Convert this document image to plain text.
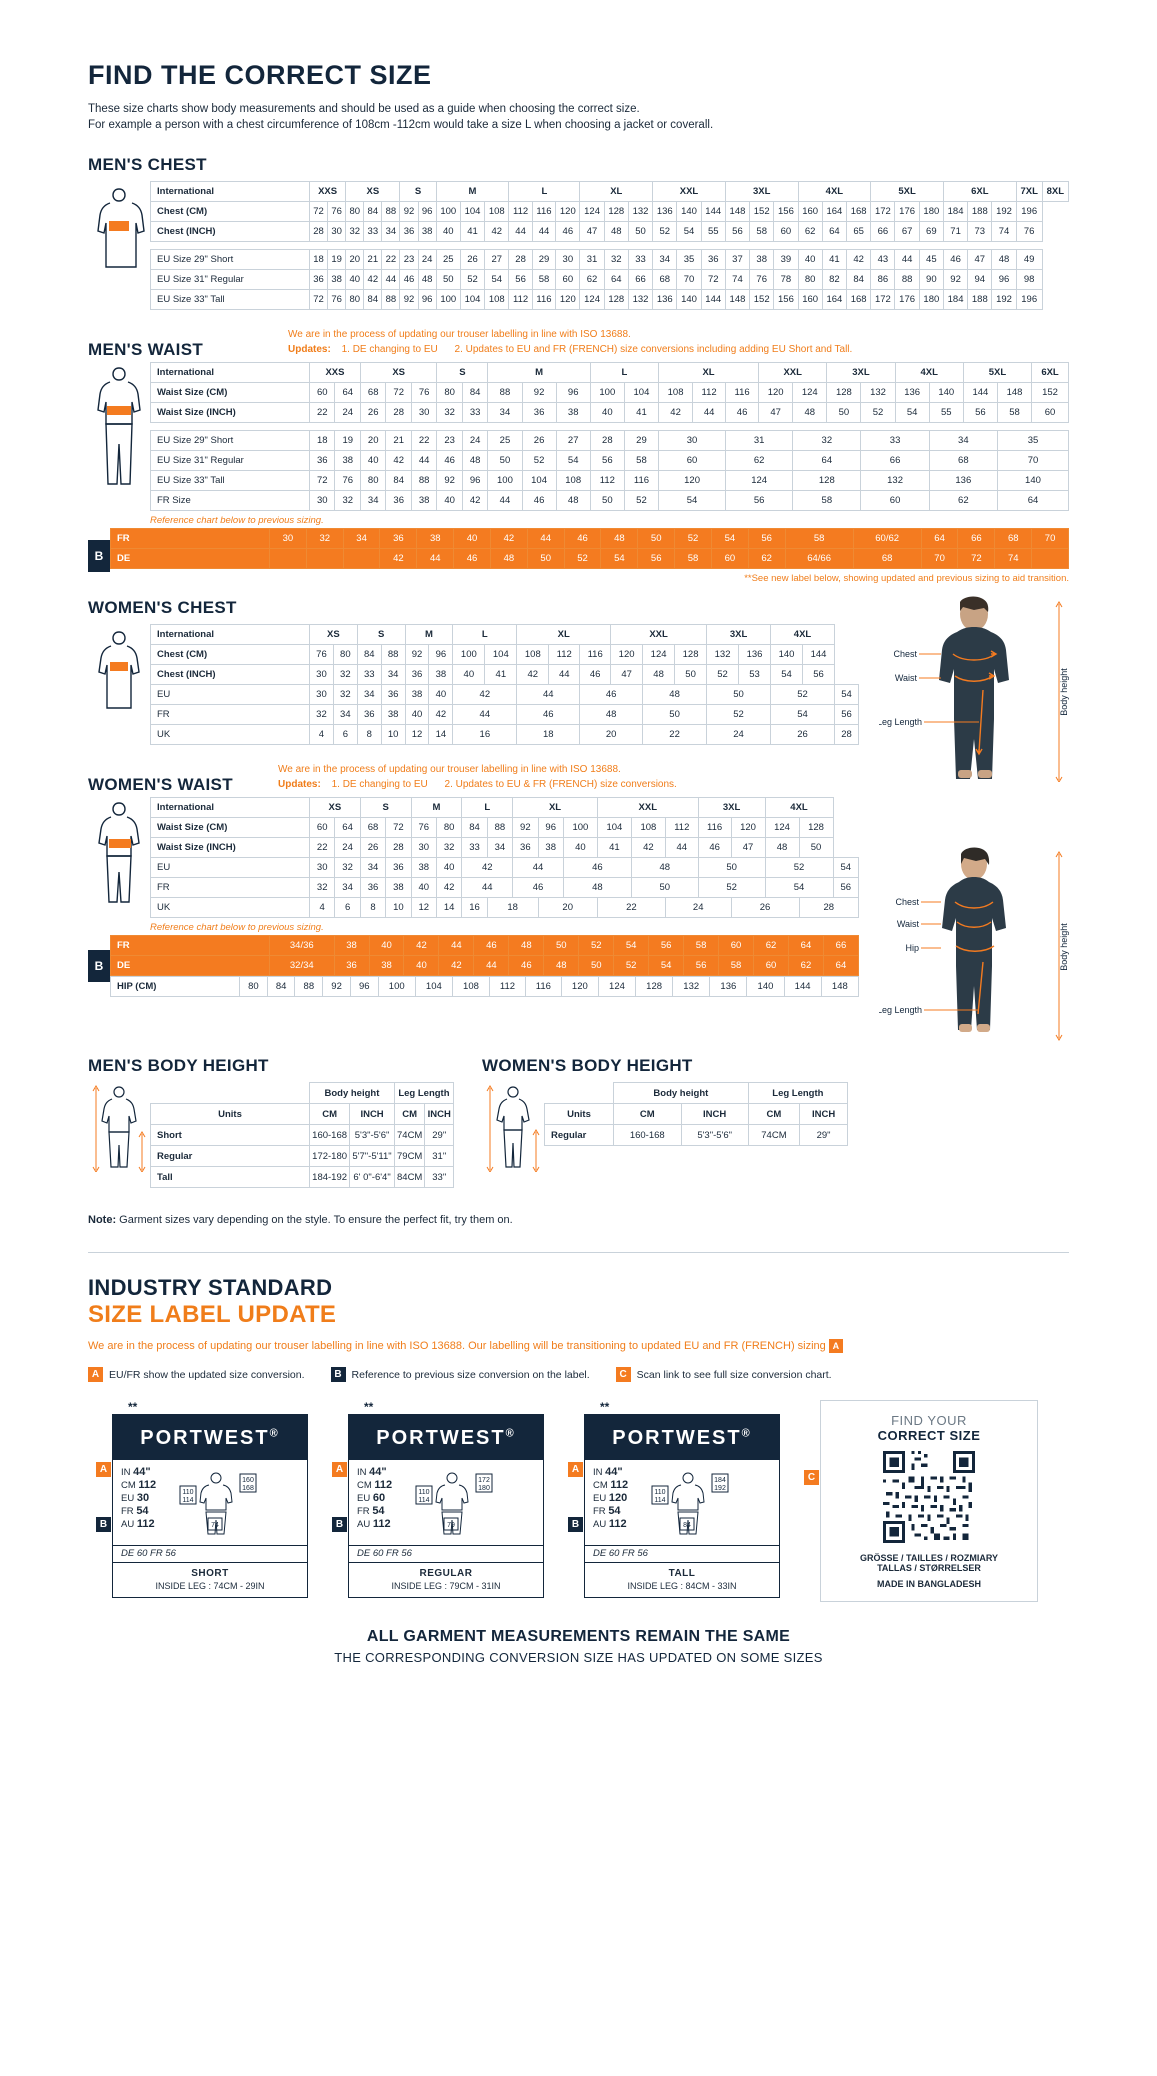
FIND THE CORRECT SIZE
These size charts show body measurements and should be used as a guide when choosing the correct size.
For example a person with a chest circumference of 108cm -112cm would take a size L when choosing a jacket or coverall.
MEN'S CHEST
International	XXS		XS			S		M			L			XL			XXL			3XL			4XL			5XL			6XL			7XL	8XL
Chest (CM)	72	76	80	84	88	92	96	100	104	108	112	116	120	124	128	132	136	140	144	148	152	156	160	164	168	172	176	180	184	188	192	196	
Chest (INCH)	28	30	32	33	34	36	38	40	41	42	44	44	46	47	48	50	52	54	55	56	58	60	62	64	65	66	67	69	71	73	74	76	

EU Size 29" Short	18	19	20	21	22	23	24	25	26	27	28	29	30	31	32	33	34	35	36	37	38	39	40	41	42	43	44	45	46	47	48	49	
EU Size 31" Regular	36	38	40	42	44	46	48	50	52	54	56	58	60	62	64	66	68	70	72	74	76	78	80	82	84	86	88	90	92	94	96	98	
EU Size 33" Tall	72	76	80	84	88	92	96	100	104	108	112	116	120	124	128	132	136	140	144	148	152	156	160	164	168	172	176	180	184	188	192	196	
MEN'S WAIST
We are in the process of updating our trouser labelling in line with ISO 13688.
Updates: 1. DE changing to EU 2. Updates to EU and FR (FRENCH) size conversions including adding EU Short and Tall.
International	XXS		XS			S		M			L		XL			XXL		3XL		4XL		5XL		6XL
Waist Size (CM)	60	64	68	72	76	80	84	88	92	96	100	104	108	112	116	120	124	128	132	136	140	144	148	152
Waist Size (INCH)	22	24	26	28	30	32	33	34	36	38	40	41	42	44	46	47	48	50	52	54	55	56	58	60

EU Size 29" Short	18	19	20	21	22	23	24	25	26	27	28	29	30		31		32		33		34		35	
EU Size 31" Regular	36	38	40	42	44	46	48	50	52	54	56	58	60		62		64		66		68		70	
EU Size 33" Tall	72	76	80	84	88	92	96	100	104	108	112	116	120		124		128		132		136		140	
FR Size	30	32	34	36	38	40	42	44	46	48	50	52	54		56		58		60		62		64	
Reference chart below to previous sizing.
B
FR	30	32	34	36	38	40	42	44	46	48	50	52	54	56	58	60/62	64	66	68	70
DE				42	44	46	48	50	52	54	56	58	60	62	64/66	68	70	72	74	
**See new label below, showing updated and previous sizing to aid transition.
WOMEN'S CHEST
International	XS		S		M		L		XL			XXL			3XL		4XL		
Chest (CM)	76	80	84	88	92	96	100	104	108	112	116	120	124	128	132	136	140	144	
Chest (INCH)	30	32	33	34	36	38	40	41	42	44	46	47	48	50	52	53	54	56	
EU	30	32	34	36	38	40	42		44		46		48		50		52		54
FR	32	34	36	38	40	42	44		46		48		50		52		54		56
UK	4	6	8	10	12	14	16		18		20		22		24		26		28
WOMEN'S WAIST
We are in the process of updating our trouser labelling in line with ISO 13688.
Updates: 1. DE changing to EU 2. Updates to EU & FR (FRENCH) size conversions.
International	XS		S		M		L		XL			XXL			3XL		4XL		
Waist Size (CM)	60	64	68	72	76	80	84	88	92	96	100	104	108	112	116	120	124	128	
Waist Size (INCH)	22	24	26	28	30	32	33	34	36	38	40	41	42	44	46	47	48	50	
EU	30	32	34	36	38	40	42		44		46		48		50		52		54
FR	32	34	36	38	40	42	44		46		48		50		52		54		56
UK	4	6	8	10	12	14	16	18		20		22		24		26		28	
Reference chart below to previous sizing.
B
FR	34/36	38	40	42	44	46	48	50	52	54	56	58	60	62	64	66
DE	32/34	36	38	40	42	44	46	48	50	52	54	56	58	60	62	64
HIP (CM)	80	84	88	92	96	100	104	108	112	116	120	124	128	132	136	140	144	148
Chest
Waist
Leg Length
Body height
Chest
Waist
Hip
Leg Length
Body height
MEN'S BODY HEIGHT
	Body height		Leg Length	
Units	CM	INCH	CM	INCH
Short	160-168	5'3"-5'6"	74CM	29"
Regular	172-180	5'7"-5'11"	79CM	31"
Tall	184-192	6' 0"-6'4"	84CM	33"
WOMEN'S BODY HEIGHT
	Body height		Leg Length	
Units	CM	INCH	CM	INCH
Regular	160-168	5'3"-5'6"	74CM	29"

Note: Garment sizes vary depending on the style. To ensure the perfect fit, try them on.
INDUSTRY STANDARD
SIZE LABEL UPDATE
We are in the process of updating our trouser labelling in line with ISO 13688. Our labelling will be transitioning to updated EU and FR (FRENCH) sizing A
A EU/FR show the updated size conversion.	B Reference to previous size conversion on the label.	C Scan link to see full size conversion chart.
A
B
**
PORTWEST®
IN 44"
CM 112
EU 30
FR 54
AU 112
110
114
160
168
74
DE 60 FR 56
SHORT
INSIDE LEG : 74CM - 29IN
A
B
**
PORTWEST®
IN 44"
CM 112
EU 60
FR 54
AU 112
110
114
172
180
79
DE 60 FR 56
REGULAR
INSIDE LEG : 79CM - 31IN
A
B
**
PORTWEST®
IN 44"
CM 112
EU 120
FR 54
AU 112
110
114
184
192
84
DE 60 FR 56
TALL
INSIDE LEG : 84CM - 33IN
C
FIND YOUR
CORRECT SIZE
GRÖSSE / TAILLES / ROZMIARY
TALLAS / STØRRELSER
MADE IN BANGLADESH
ALL GARMENT MEASUREMENTS REMAIN THE SAME
THE CORRESPONDING CONVERSION SIZE HAS UPDATED ON SOME SIZES
